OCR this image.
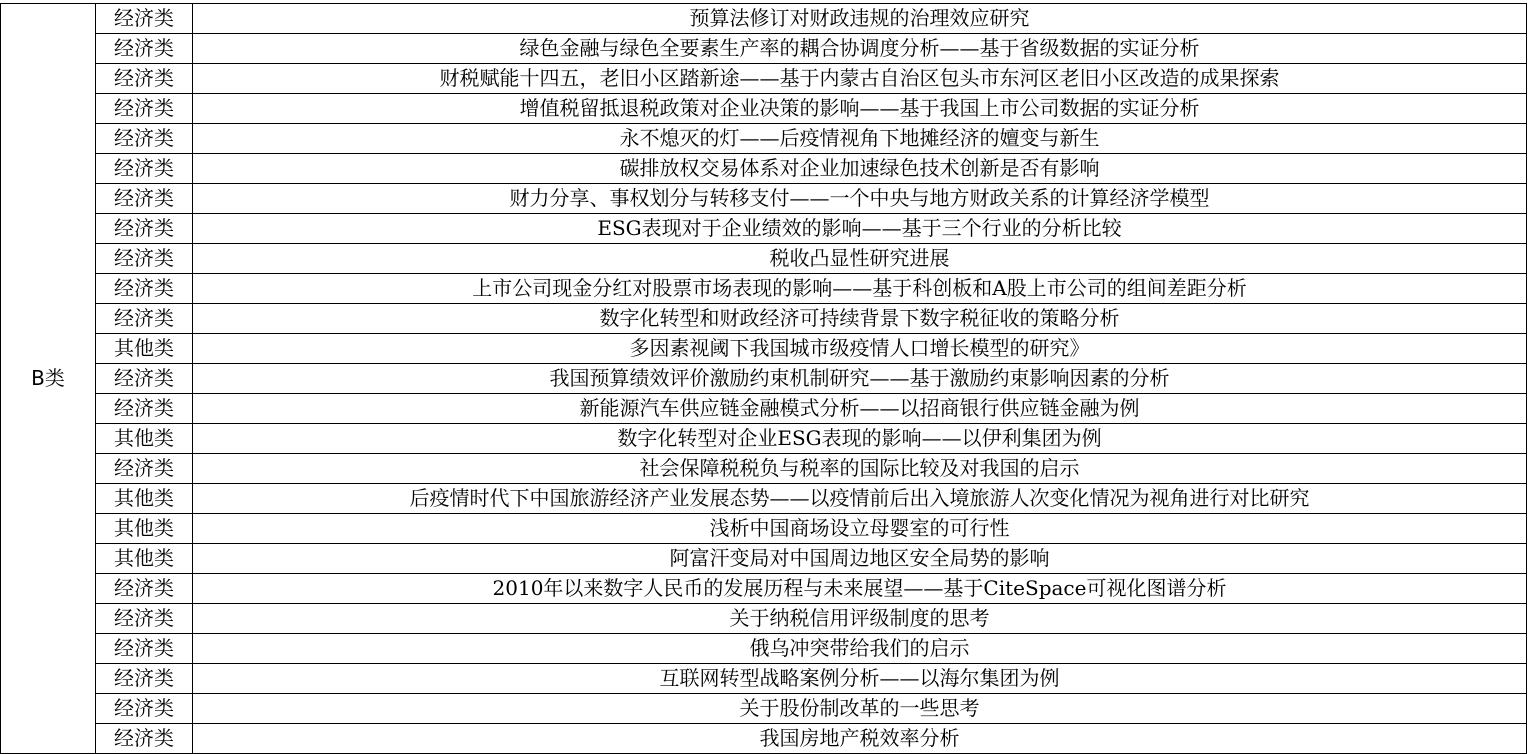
B类	经济类	预算法修订对财政违规的治理效应研究
	经济类	绿色金融与绿色全要素生产率的耦合协调度分析——基于省级数据的实证分析
	经济类	财税赋能十四五，老旧小区踏新途——基于内蒙古自治区包头市东河区老旧小区改造的成果探索
	经济类	增值税留抵退税政策对企业决策的影响——基于我国上市公司数据的实证分析
	经济类	永不熄灭的灯——后疫情视角下地摊经济的嬗变与新生
	经济类	碳排放权交易体系对企业加速绿色技术创新是否有影响
	经济类	财力分享、事权划分与转移支付——一个中央与地方财政关系的计算经济学模型
	经济类	ESG表现对于企业绩效的影响——基于三个行业的分析比较
	经济类	税收凸显性研究进展
	经济类	上市公司现金分红对股票市场表现的影响——基于科创板和A股上市公司的组间差距分析
	经济类	数字化转型和财政经济可持续背景下数字税征收的策略分析
	其他类	多因素视阈下我国城市级疫情人口增长模型的研究》
	经济类	我国预算绩效评价激励约束机制研究——基于激励约束影响因素的分析
	经济类	新能源汽车供应链金融模式分析——以招商银行供应链金融为例
	其他类	数字化转型对企业ESG表现的影响——以伊利集团为例
	经济类	社会保障税税负与税率的国际比较及对我国的启示
	其他类	后疫情时代下中国旅游经济产业发展态势——以疫情前后出入境旅游人次变化情况为视角进行对比研究
	其他类	浅析中国商场设立母婴室的可行性
	其他类	阿富汗变局对中国周边地区安全局势的影响
	经济类	2010年以来数字人民币的发展历程与未来展望——基于CiteSpace可视化图谱分析
	经济类	关于纳税信用评级制度的思考
	经济类	俄乌冲突带给我们的启示
	经济类	互联网转型战略案例分析——以海尔集团为例
	经济类	关于股份制改革的一些思考
	经济类	我国房地产税效率分析
